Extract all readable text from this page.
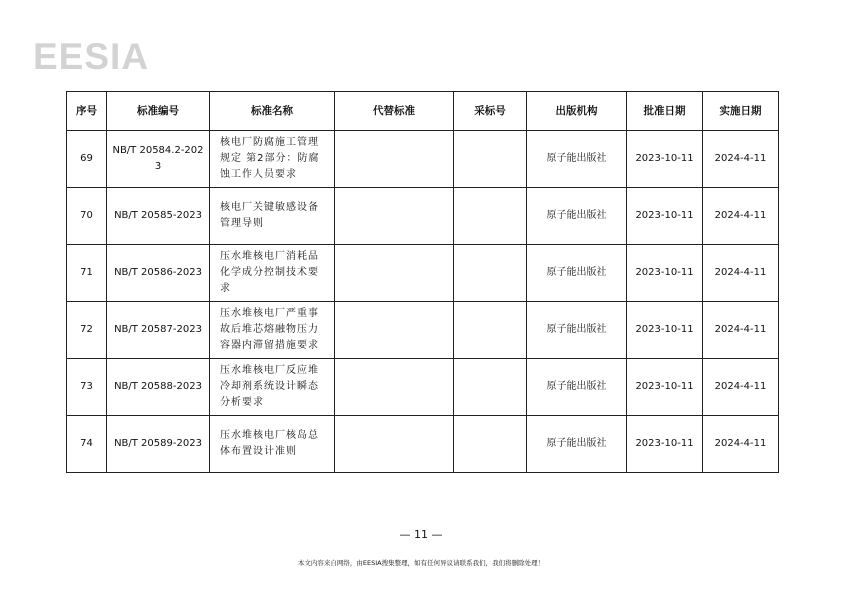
EESIA
序号	标准编号	标准名称	代替标准	采标号	出版机构	批准日期	实施日期
69	NB/T 20584.2-2023	核电厂防腐施工管理规定 第2部分：防腐蚀工作人员要求			原子能出版社	2023-10-11	2024-4-11
70	NB/T 20585-2023	核电厂关键敏感设备管理导则			原子能出版社	2023-10-11	2024-4-11
71	NB/T 20586-2023	压水堆核电厂消耗品化学成分控制技术要求			原子能出版社	2023-10-11	2024-4-11
72	NB/T 20587-2023	压水堆核电厂严重事故后堆芯熔融物压力容器内滞留措施要求			原子能出版社	2023-10-11	2024-4-11
73	NB/T 20588-2023	压水堆核电厂反应堆冷却剂系统设计瞬态分析要求			原子能出版社	2023-10-11	2024-4-11
74	NB/T 20589-2023	压水堆核电厂核岛总体布置设计准则			原子能出版社	2023-10-11	2024-4-11
— 11 —
本文内容来自网络，由EESIA搜集整理，如有任何异议请联系我们，我们将删除处理！
